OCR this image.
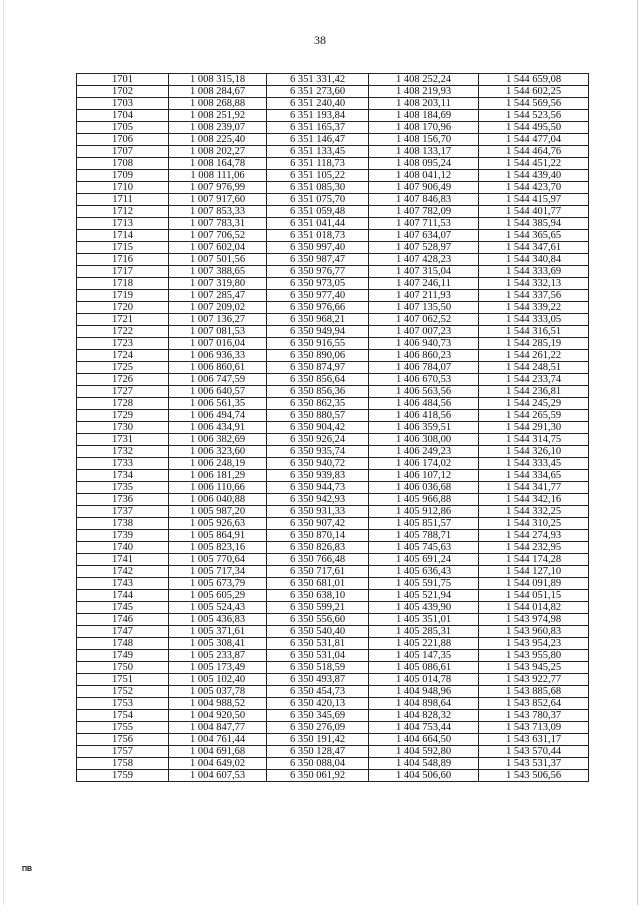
38
1701	1 008 315,18	6 351 331,42	1 408 252,24	1 544 659,08
1702	1 008 284,67	6 351 273,60	1 408 219,93	1 544 602,25
1703	1 008 268,88	6 351 240,40	1 408 203,11	1 544 569,56
1704	1 008 251,92	6 351 193,84	1 408 184,69	1 544 523,56
1705	1 008 239,07	6 351 165,37	1 408 170,96	1 544 495,50
1706	1 008 225,40	6 351 146,47	1 408 156,70	1 544 477,04
1707	1 008 202,27	6 351 133,45	1 408 133,17	1 544 464,76
1708	1 008 164,78	6 351 118,73	1 408 095,24	1 544 451,22
1709	1 008 111,06	6 351 105,22	1 408 041,12	1 544 439,40
1710	1 007 976,99	6 351 085,30	1 407 906,49	1 544 423,70
1711	1 007 917,60	6 351 075,70	1 407 846,83	1 544 415,97
1712	1 007 853,33	6 351 059,48	1 407 782,09	1 544 401,77
1713	1 007 783,31	6 351 041,44	1 407 711,53	1 544 385,94
1714	1 007 706,52	6 351 018,73	1 407 634,07	1 544 365,65
1715	1 007 602,04	6 350 997,40	1 407 528,97	1 544 347,61
1716	1 007 501,56	6 350 987,47	1 407 428,23	1 544 340,84
1717	1 007 388,65	6 350 976,77	1 407 315,04	1 544 333,69
1718	1 007 319,80	6 350 973,05	1 407 246,11	1 544 332,13
1719	1 007 285,47	6 350 977,40	1 407 211,93	1 544 337,56
1720	1 007 209,02	6 350 976,66	1 407 135,50	1 544 339,22
1721	1 007 136,27	6 350 968,21	1 407 062,52	1 544 333,05
1722	1 007 081,53	6 350 949,94	1 407 007,23	1 544 316,51
1723	1 007 016,04	6 350 916,55	1 406 940,73	1 544 285,19
1724	1 006 936,33	6 350 890,06	1 406 860,23	1 544 261,22
1725	1 006 860,61	6 350 874,97	1 406 784,07	1 544 248,51
1726	1 006 747,59	6 350 856,64	1 406 670,53	1 544 233,74
1727	1 006 640,57	6 350 856,36	1 406 563,56	1 544 236,81
1728	1 006 561,35	6 350 862,35	1 406 484,56	1 544 245,29
1729	1 006 494,74	6 350 880,57	1 406 418,56	1 544 265,59
1730	1 006 434,91	6 350 904,42	1 406 359,51	1 544 291,30
1731	1 006 382,69	6 350 926,24	1 406 308,00	1 544 314,75
1732	1 006 323,60	6 350 935,74	1 406 249,23	1 544 326,10
1733	1 006 248,19	6 350 940,72	1 406 174,02	1 544 333,45
1734	1 006 181,29	6 350 939,83	1 406 107,12	1 544 334,65
1735	1 006 110,66	6 350 944,73	1 406 036,68	1 544 341,77
1736	1 006 040,88	6 350 942,93	1 405 966,88	1 544 342,16
1737	1 005 987,20	6 350 931,33	1 405 912,86	1 544 332,25
1738	1 005 926,63	6 350 907,42	1 405 851,57	1 544 310,25
1739	1 005 864,91	6 350 870,14	1 405 788,71	1 544 274,93
1740	1 005 823,16	6 350 826,83	1 405 745,63	1 544 232,95
1741	1 005 770,64	6 350 766,48	1 405 691,24	1 544 174,28
1742	1 005 717,34	6 350 717,61	1 405 636,43	1 544 127,10
1743	1 005 673,79	6 350 681,01	1 405 591,75	1 544 091,89
1744	1 005 605,29	6 350 638,10	1 405 521,94	1 544 051,15
1745	1 005 524,43	6 350 599,21	1 405 439,90	1 544 014,82
1746	1 005 436,83	6 350 556,60	1 405 351,01	1 543 974,98
1747	1 005 371,61	6 350 540,40	1 405 285,31	1 543 960,83
1748	1 005 308,41	6 350 531,81	1 405 221,88	1 543 954,23
1749	1 005 233,87	6 350 531,04	1 405 147,35	1 543 955,80
1750	1 005 173,49	6 350 518,59	1 405 086,61	1 543 945,25
1751	1 005 102,40	6 350 493,87	1 405 014,78	1 543 922,77
1752	1 005 037,78	6 350 454,73	1 404 948,96	1 543 885,68
1753	1 004 988,52	6 350 420,13	1 404 898,64	1 543 852,64
1754	1 004 920,50	6 350 345,69	1 404 828,32	1 543 780,37
1755	1 004 847,77	6 350 276,09	1 404 753,44	1 543 713,09
1756	1 004 761,44	6 350 191,42	1 404 664,50	1 543 631,17
1757	1 004 691,68	6 350 128,47	1 404 592,80	1 543 570,44
1758	1 004 649,02	6 350 088,04	1 404 548,89	1 543 531,37
1759	1 004 607,53	6 350 061,92	1 404 506,60	1 543 506,56
ПВ
